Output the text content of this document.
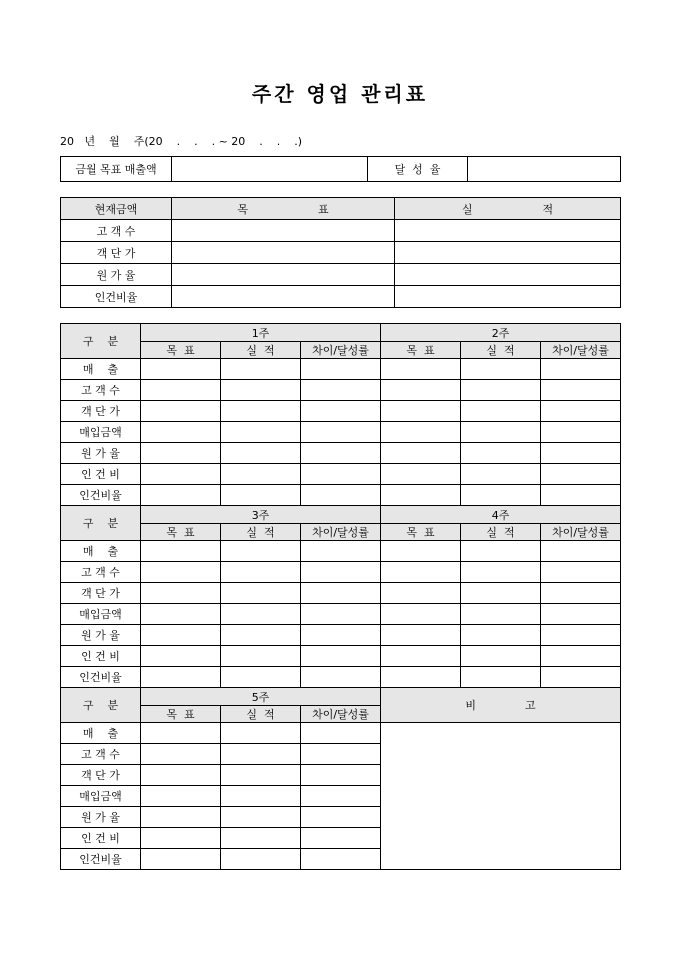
주간 영업 관리표
20   년    월    주(20    .    .    . ~ 20    .    .    .)
금월 목표 매출액		달  성  율	
현재금액	목                    표	실                    적
고 객 수		
객 단 가		
원 가 율		
인건비율		
구    분	1주			2주		
	목  표	실  적	차이/달성률	목  표	실  적	차이/달성률
매    출						
고 객 수						
객 단 가						
매입금액						
원 가 율						
인 건 비						
인건비율						
구    분	3주			4주		
	목  표	실  적	차이/달성률	목  표	실  적	차이/달성률
매    출						
고 객 수						
객 단 가						
매입금액						
원 가 율						
인 건 비						
인건비율						
구    분	5주			비              고		
	목  표	실  적	차이/달성률			
매    출						
고 객 수						
객 단 가						
매입금액						
원 가 율						
인 건 비						
인건비율						
